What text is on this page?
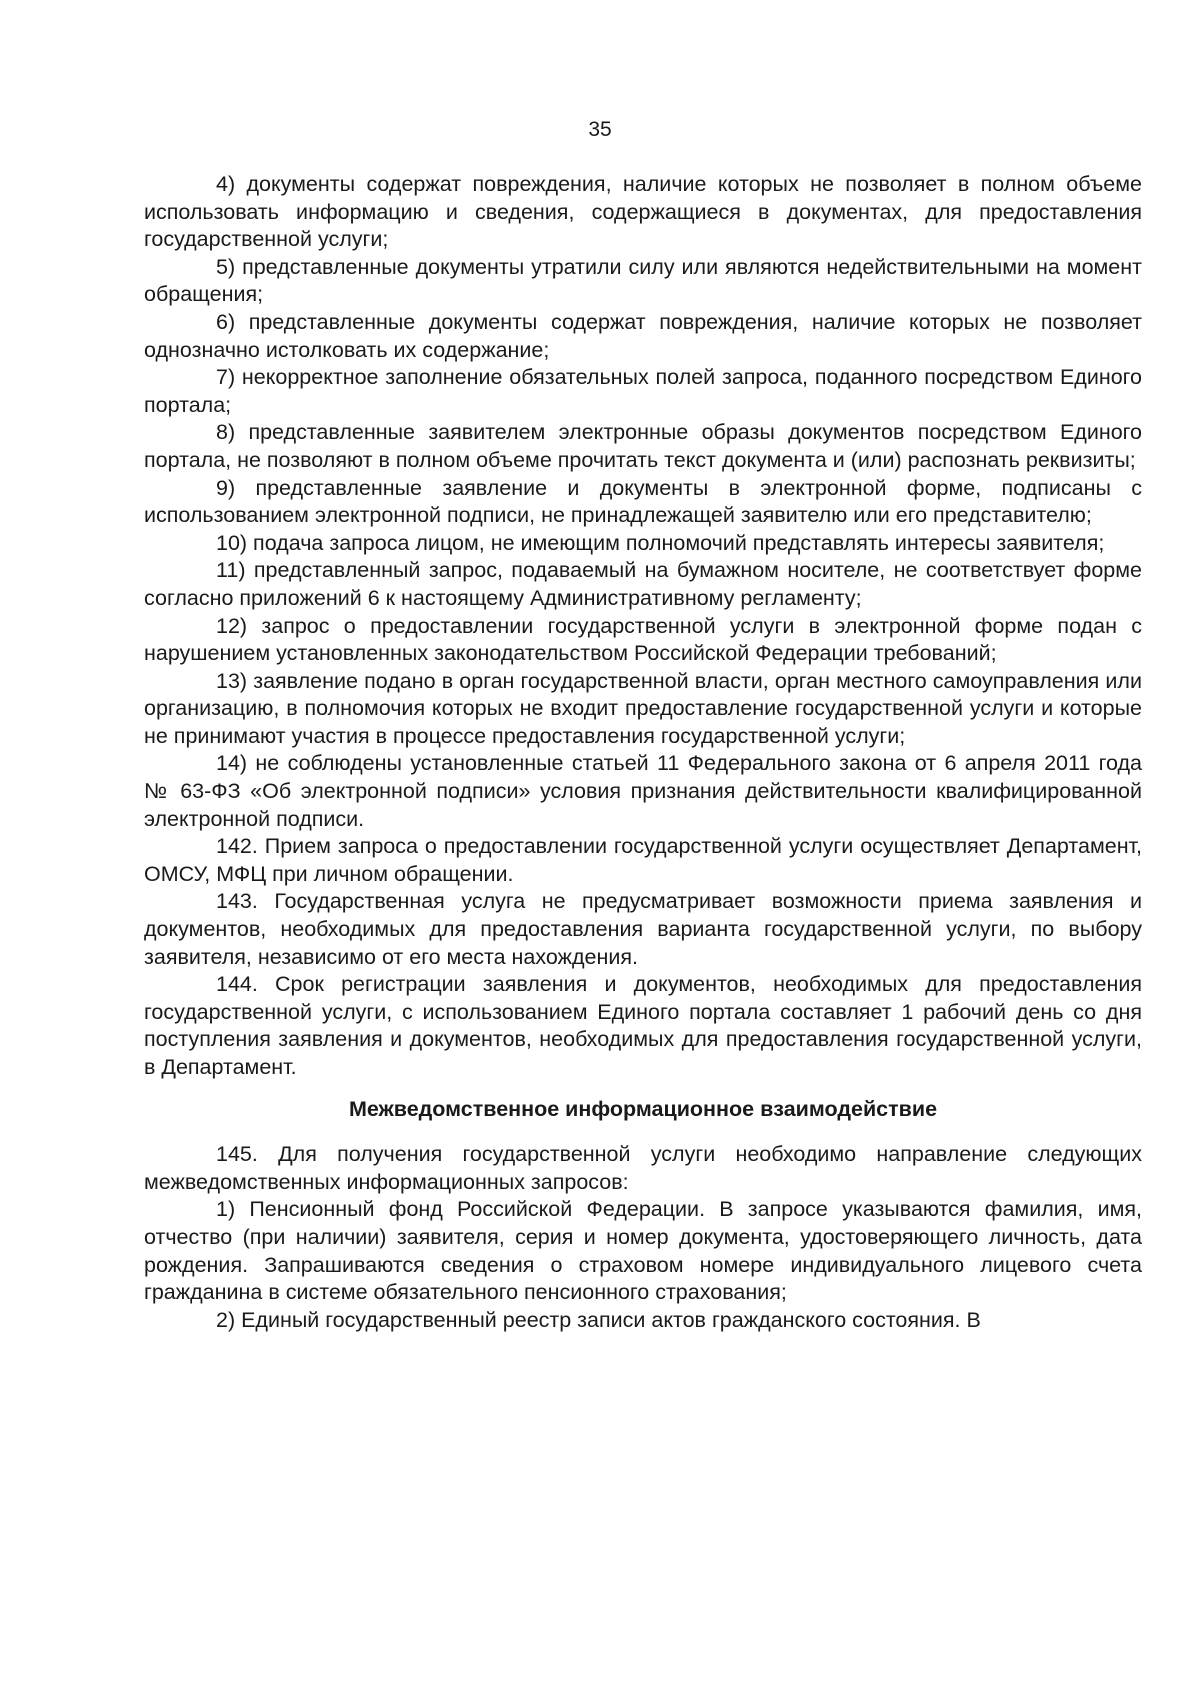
35

4) документы содержат повреждения, наличие которых не позволяет в полном объеме использовать информацию и сведения, содержащиеся в документах, для предоставления государственной услуги;

5) представленные документы утратили силу или являются недействительными на момент обращения;

6) представленные документы содержат повреждения, наличие которых не позволяет однозначно истолковать их содержание;

7) некорректное заполнение обязательных полей запроса, поданного посредством Единого портала;

8) представленные заявителем электронные образы документов посредством Единого портала, не позволяют в полном объеме прочитать текст документа и (или) распознать реквизиты;

9) представленные заявление и документы в электронной форме, подписаны с использованием электронной подписи, не принадлежащей заявителю или его представителю;

10) подача запроса лицом, не имеющим полномочий представлять интересы заявителя;

11) представленный запрос, подаваемый на бумажном носителе, не соответствует форме согласно приложений 6 к настоящему Административному регламенту;

12) запрос о предоставлении государственной услуги в электронной форме подан с нарушением установленных законодательством Российской Федерации требований;

13) заявление подано в орган государственной власти, орган местного самоуправления или организацию, в полномочия которых не входит предоставление государственной услуги и которые не принимают участия в процессе предоставления государственной услуги;

14) не соблюдены установленные статьей 11 Федерального закона от 6 апреля 2011 года № 63-ФЗ «Об электронной подписи» условия признания действительности квалифицированной электронной подписи.

142. Прием запроса о предоставлении государственной услуги осуществляет Департамент, ОМСУ, МФЦ при личном обращении.

143. Государственная услуга не предусматривает возможности приема заявления и документов, необходимых для предоставления варианта государственной услуги, по выбору заявителя, независимо от его места нахождения.

144. Срок регистрации заявления и документов, необходимых для предоставления государственной услуги, с использованием Единого портала составляет 1 рабочий день со дня поступления заявления и документов, необходимых для предоставления государственной услуги, в Департамент.

Межведомственное информационное взаимодействие

145. Для получения государственной услуги необходимо направление следующих межведомственных информационных запросов:

1) Пенсионный фонд Российской Федерации. В запросе указываются фамилия, имя, отчество (при наличии) заявителя, серия и номер документа, удостоверяющего личность, дата рождения. Запрашиваются сведения о страховом номере индивидуального лицевого счета гражданина в системе обязательного пенсионного страхования;

2) Единый государственный реестр записи актов гражданского состояния. В
